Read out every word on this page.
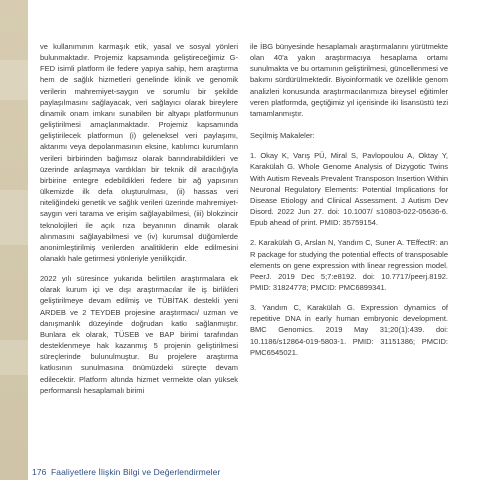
ve kullanımının karmaşık etik, yasal ve sosyal yönleri bulunmaktadır. Projemiz kapsamında geliştireceğimiz G-FED isimli platform ile federe yapıya sahip, hem araştırma hem de sağlık hizmetleri genelinde klinik ve genomik verilerin mahremiyet-saygın ve sorumlu bir şekilde paylaşılmasını sağlayacak, veri sağlayıcı olarak bireylere dinamik onam imkanı sunabilen bir altyapı platformunun geliştirilmesi amaçlanmaktadır. Projemiz kapsamında geliştirilecek platformun (i) geleneksel veri paylaşımı, aktarımı veya depolanmasının eksine, katılımcı kurumların verileri birbirinden bağımsız olarak barındırabildikleri ve üzerinde anlaşmaya vardıkları bir teknik dil aracılığıyla birbirine entegre edebildikleri federe bir ağ yapısının ülkemizde ilk defa oluşturulması, (ii) hassas veri niteliğindeki genetik ve sağlık verileri üzerinde mahremiyet-saygın veri tarama ve erişim sağlayabilmesi, (iii) blokzincir teknolojileri ile açık rıza beyanının dinamik olarak alınmasını sağlayabilmesi ve (iv) kurumsal düğümlerde anonimleştirilmiş verilerden analitiklerin elde edilmesini olanaklı hale getirmesi yönleriyle yenilikçidir.

2022 yılı süresince yukarıda belirtilen araştırmalara ek olarak kurum içi ve dışı araştırmacılar ile iş birlikleri geliştirilmeye devam edilmiş ve TÜBİTAK destekli yeni ARDEB ve 2 TEYDEB projesine araştırmacı/ uzman ve danışmanlık düzeyinde doğrudan katkı sağlanmıştır. Bunlara ek olarak, TÜSEB ve BAP birimi tarafından desteklenmeye hak kazanmış 5 projenin geliştirilmesi süreçlerinde bulunulmuştur. Bu projelere araştırma katkısının sunulmasına önümüzdeki süreçte devam edilecektir. Platform altında hizmet vermekte olan yüksek performanslı hesaplamalı birimi

ile İBG bünyesinde hesaplamalı araştırmalarını yürütmekte olan 40'a yakın araştırmacıya hesaplama ortamı sunulmakta ve bu ortamının geliştirilmesi, güncellenmesi ve bakımı sürdürülmektedir. Biyoinformatik ve özellikle genom analizleri konusunda araştırmacılarımıza bireysel eğitimler veren platformda, geçtiğimiz yıl içerisinde iki lisansüstü tezi tamamlanmıştır.

Seçilmiş Makaleler:

1. Okay K, Varış PÜ, Miral S, Pavlopoulou A, Oktay Y, Karakülah G. Whole Genome Analysis of Dizygotic Twins With Autism Reveals Prevalent Transposon Insertion Within Neuronal Regulatory Elements: Potential Implications for Disease Etiology and Clinical Assessment. J Autism Dev Disord. 2022 Jun 27. doi: 10.1007/ s10803-022-05636-6. Epub ahead of print. PMID: 35759154.

2. Karakülah G, Arslan N, Yandım C, Suner A. TEffectR: an R package for studying the potential effects of transposable elements on gene expression with linear regression model. PeerJ. 2019 Dec 5;7:e8192. doi: 10.7717/peerj.8192. PMID: 31824778; PMCID: PMC6899341.

3. Yandım C, Karakülah G. Expression dynamics of repetitive DNA in early human embryonic development. BMC Genomics. 2019 May 31;20(1):439. doi: 10.1186/s12864-019-5803-1. PMID: 31151386; PMCID: PMC6545021.

176 Faaliyetlere İlişkin Bilgi ve Değerlendirmeler
